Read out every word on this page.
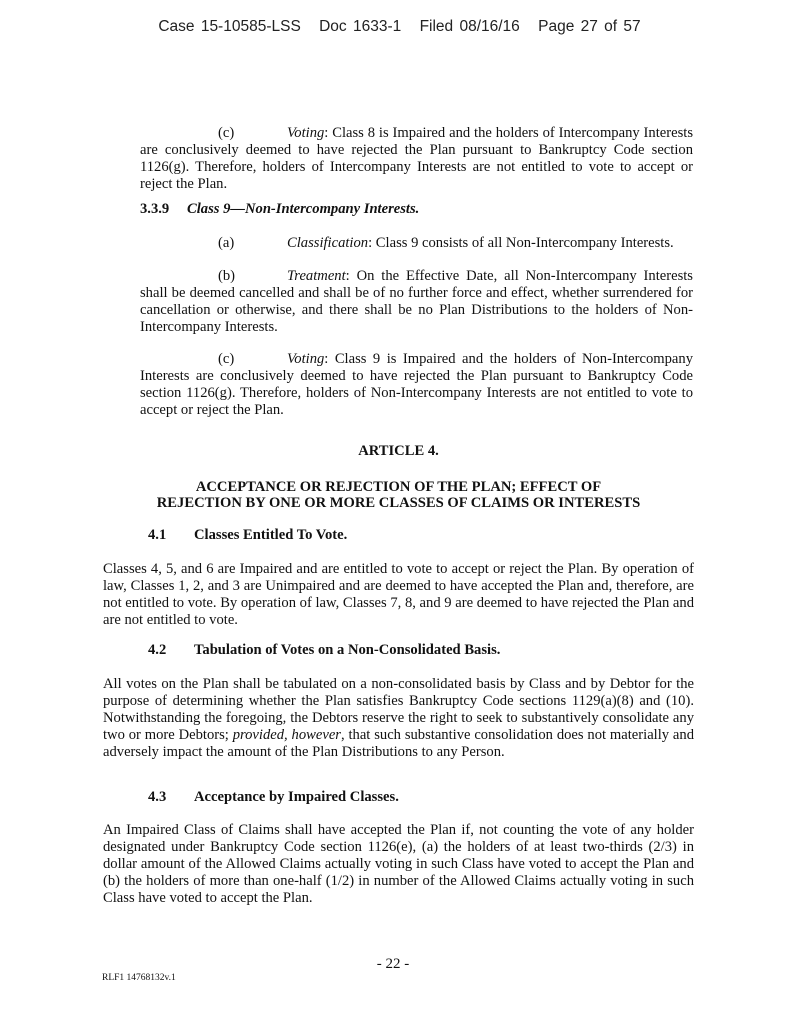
Case 15-10585-LSS Doc 1633-1 Filed 08/16/16 Page 27 of 57

(c)	Voting: Class 8 is Impaired and the holders of Intercompany Interests are conclusively deemed to have rejected the Plan pursuant to Bankruptcy Code section 1126(g). Therefore, holders of Intercompany Interests are not entitled to vote to accept or reject the Plan.

3.3.9 Class 9—Non-Intercompany Interests.

(a)	Classification: Class 9 consists of all Non-Intercompany Interests.

(b)	Treatment: On the Effective Date, all Non-Intercompany Interests shall be deemed cancelled and shall be of no further force and effect, whether surrendered for cancellation or otherwise, and there shall be no Plan Distributions to the holders of Non-Intercompany Interests.

(c)	Voting: Class 9 is Impaired and the holders of Non-Intercompany Interests are conclusively deemed to have rejected the Plan pursuant to Bankruptcy Code section 1126(g). Therefore, holders of Non-Intercompany Interests are not entitled to vote to accept or reject the Plan.

ARTICLE 4.
ACCEPTANCE OR REJECTION OF THE PLAN; EFFECT OF
REJECTION BY ONE OR MORE CLASSES OF CLAIMS OR INTERESTS
4.1 Classes Entitled To Vote.

Classes 4, 5, and 6 are Impaired and are entitled to vote to accept or reject the Plan. By operation of law, Classes 1, 2, and 3 are Unimpaired and are deemed to have accepted the Plan and, therefore, are not entitled to vote. By operation of law, Classes 7, 8, and 9 are deemed to have rejected the Plan and are not entitled to vote.

4.2 Tabulation of Votes on a Non-Consolidated Basis.

All votes on the Plan shall be tabulated on a non-consolidated basis by Class and by Debtor for the purpose of determining whether the Plan satisfies Bankruptcy Code sections 1129(a)(8) and (10). Notwithstanding the foregoing, the Debtors reserve the right to seek to substantively consolidate any two or more Debtors; provided, however, that such substantive consolidation does not materially and adversely impact the amount of the Plan Distributions to any Person.

4.3 Acceptance by Impaired Classes.

An Impaired Class of Claims shall have accepted the Plan if, not counting the vote of any holder designated under Bankruptcy Code section 1126(e), (a) the holders of at least two-thirds (2/3) in dollar amount of the Allowed Claims actually voting in such Class have voted to accept the Plan and (b) the holders of more than one-half (1/2) in number of the Allowed Claims actually voting in such Class have voted to accept the Plan.

- 22 -
RLF1 14768132v.1
